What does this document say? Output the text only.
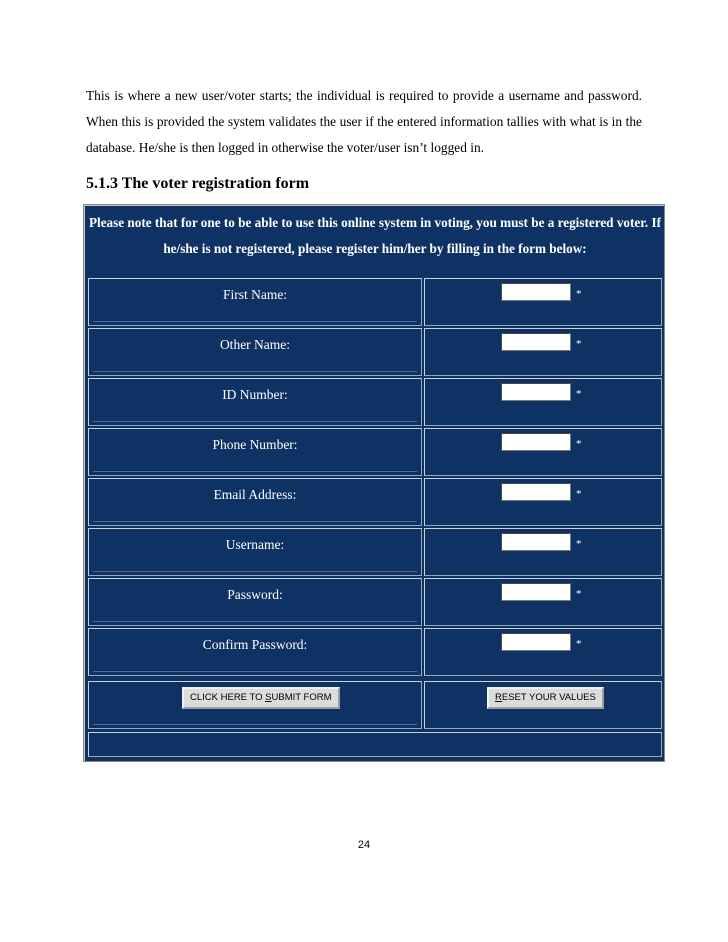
This is where a new user/voter starts; the individual is required to provide a username and password. When this is provided the system validates the user if the entered information tallies with what is in the database. He/she is then logged in otherwise the voter/user isn’t logged in.

5.1.3 The voter registration form
Please note that for one to be able to use this online system in voting, you must be a registered voter. If he/she is not registered, please register him/her by filling in the form below:
First Name:	*
Other Name:	*
ID Number:	*
Phone Number:	*
Email Address:	*
Username:	*
Password:	*
Confirm Password:	*
CLICK HERE TO SUBMIT FORM	RESET YOUR VALUES
24
